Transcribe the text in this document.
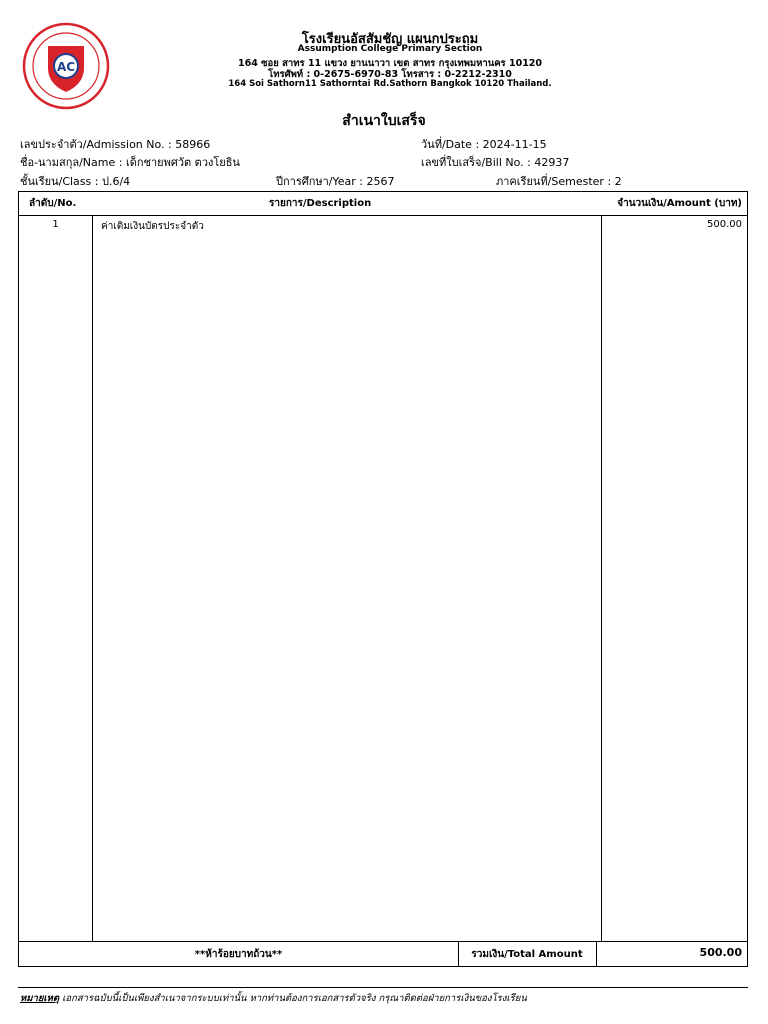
AC
โรงเรียนอัสสัมชัญ แผนกประถม
Assumption College Primary Section
164 ซอย สาทร 11 แขวง ยานนาวา เขต สาทร กรุงเทพมหานคร 10120
โทรศัพท์ : 0-2675-6970-83 โทรสาร : 0-2212-2310
164 Soi Sathorn11 Sathorntai Rd.Sathorn Bangkok 10120 Thailand.
สำเนาใบเสร็จ
เลขประจำตัว/Admission No. : 58966	วันที่/Date : 2024-11-15
ชื่อ-นามสกุล/Name : เด็กชายพศวัต ตวงโยธิน	เลขที่ใบเสร็จ/Bill No. : 42937
ชั้นเรียน/Class : ป.6/4	ปีการศึกษา/Year : 2567	ภาคเรียนที่/Semester : 2
ลำดับ/No.	รายการ/Description	จำนวนเงิน/Amount (บาท)
1	ค่าเติมเงินบัตรประจำตัว	500.00
**ห้าร้อยบาทถ้วน**	รวมเงิน/Total Amount	500.00
หมายเหตุ เอกสารฉบับนี้เป็นเพียงสำเนาจากระบบเท่านั้น หากท่านต้องการเอกสารตัวจริง กรุณาติดต่อฝ่ายการเงินของโรงเรียน
